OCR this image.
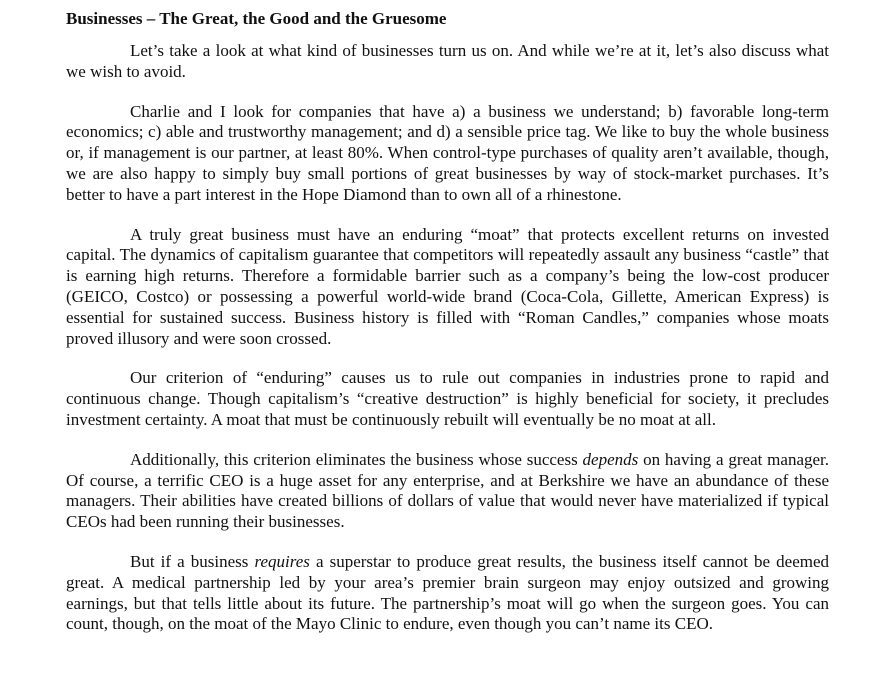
Businesses – The Great, the Good and the Gruesome

Let’s take a look at what kind of businesses turn us on. And while we’re at it, let’s also discuss what we wish to avoid.

Charlie and I look for companies that have a) a business we understand; b) favorable long-term economics; c) able and trustworthy management; and d) a sensible price tag. We like to buy the whole business or, if management is our partner, at least 80%. When control-type purchases of quality aren’t available, though, we are also happy to simply buy small portions of great businesses by way of stock-market purchases. It’s better to have a part interest in the Hope Diamond than to own all of a rhinestone.

A truly great business must have an enduring “moat” that protects excellent returns on invested capital. The dynamics of capitalism guarantee that competitors will repeatedly assault any business “castle” that is earning high returns. Therefore a formidable barrier such as a company’s being the low-cost producer (GEICO, Costco) or possessing a powerful world-wide brand (Coca-Cola, Gillette, American Express) is essential for sustained success. Business history is filled with “Roman Candles,” companies whose moats proved illusory and were soon crossed.

Our criterion of “enduring” causes us to rule out companies in industries prone to rapid and continuous change. Though capitalism’s “creative destruction” is highly beneficial for society, it precludes investment certainty. A moat that must be continuously rebuilt will eventually be no moat at all.

Additionally, this criterion eliminates the business whose success depends on having a great manager. Of course, a terrific CEO is a huge asset for any enterprise, and at Berkshire we have an abundance of these managers. Their abilities have created billions of dollars of value that would never have materialized if typical CEOs had been running their businesses.

But if a business requires a superstar to produce great results, the business itself cannot be deemed great. A medical partnership led by your area’s premier brain surgeon may enjoy outsized and growing earnings, but that tells little about its future. The partnership’s moat will go when the surgeon goes. You can count, though, on the moat of the Mayo Clinic to endure, even though you can’t name its CEO.
